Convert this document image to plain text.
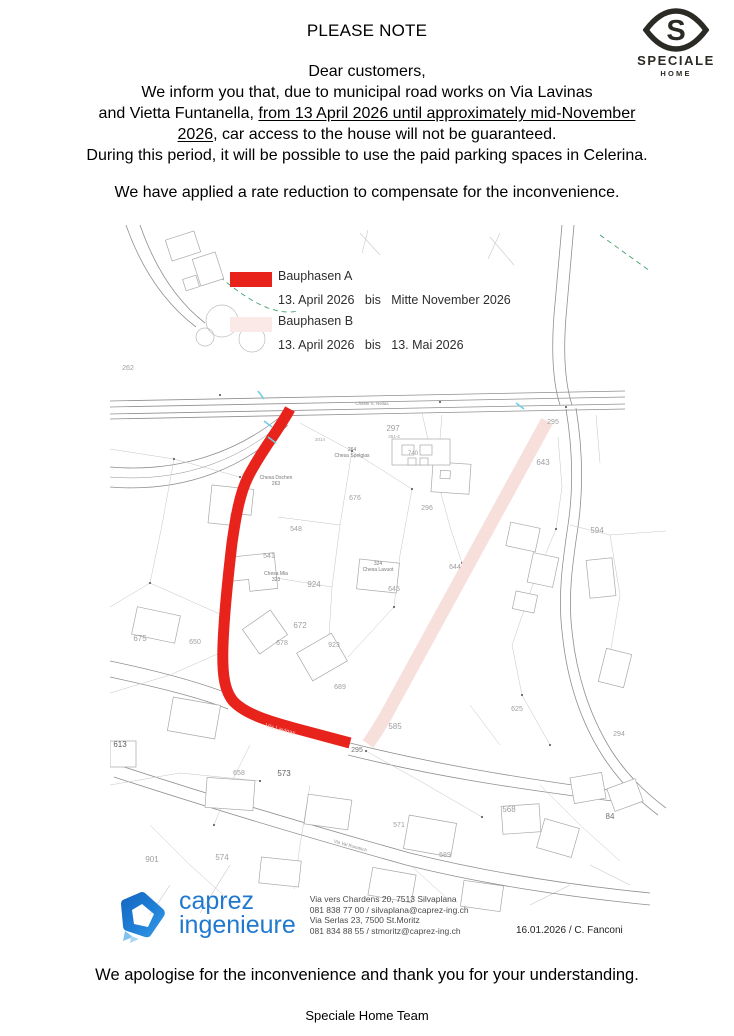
PLEASE NOTE	S
SPECIALE
HOME
Dear customers,
We inform you that, due to municipal road works on Via Lavinas
and Vietta Funtanella, from 13 April 2026 until approximately mid-November
2026, car access to the house will not be guaranteed.
During this period, it will be possible to use the paid parking spaces in Celerina.
We have applied a rate reduction to compensate for the inconvenience.
297
295
295
643
594
644
296
676
262
675	650
672
678	923
689
924
645
613
658	573
585
625
568
571
589
84
294
740
548
541
574
901
261-4
2014
264
Chesa Spelgias
Chesa Dschen
263
Chesa Mia
323
324
Chesa Lavuot
Chasel S. Nellas
Via Lavinas
Via Val Runatsch
Bauphasen A
13. April 2026   bis   Mitte November 2026
Bauphasen B
13. April 2026   bis   13. Mai 2026
caprez
ingenieure
Via vers Chardens 20, 7513 Silvaplana
081 838 77 00 / silvaplana@caprez-ing.ch
Via Serlas 23, 7500 St.Moritz
081 834 88 55 / stmoritz@caprez-ing.ch	16.01.2026 / C. Fanconi
We apologise for the inconvenience and thank you for your understanding.
Speciale Home Team
